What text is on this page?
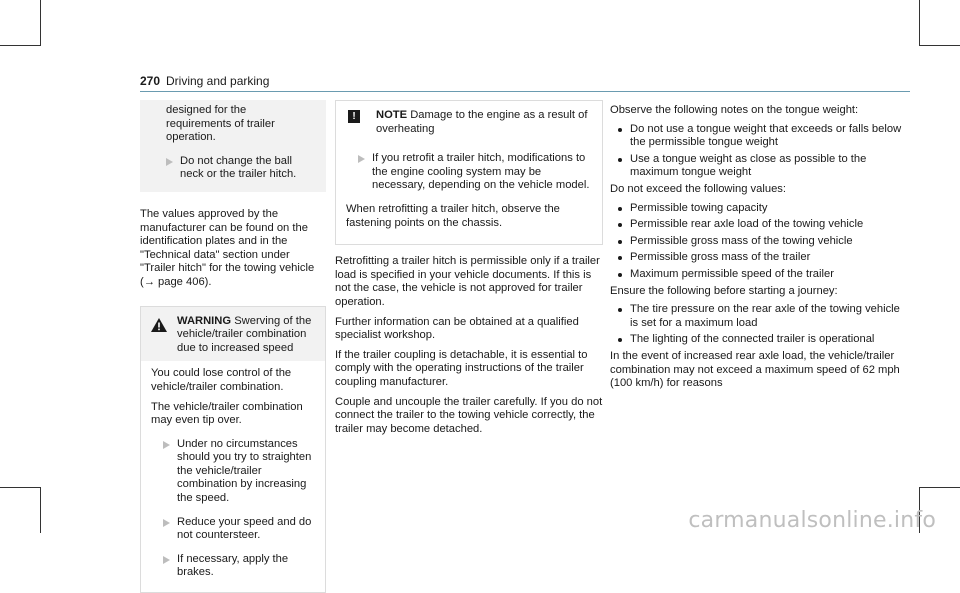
270 Driving and parking
designed for the requirements of trailer
operation.
Do not change the ball neck or the trailer hitch.

The values approved by the manufacturer can be found on the identification plates and in the "Technical data" section under "Trailer hitch" for the towing vehicle (→ page 406).

WARNING Swerving of the vehicle/trailer combination due to increased speed

You could lose control of the vehicle/trailer combination.

The vehicle/trailer combination may even tip over.

Under no circumstances should you try to straighten the vehicle/trailer combination by increasing the speed.
Reduce your speed and do not countersteer.
If necessary, apply the brakes.
!	NOTE Damage to the engine as a result of overheating
If you retrofit a trailer hitch, modifications to the engine cooling system may be necessary, depending on the vehicle model.

When retrofitting a trailer hitch, observe the fastening points on the chassis.

Retrofitting a trailer hitch is permissible only if a trailer load is specified in your vehicle documents. If this is not the case, the vehicle is not approved for trailer operation.

Further information can be obtained at a qualified specialist workshop.

If the trailer coupling is detachable, it is essential to comply with the operating instructions of the trailer coupling manufacturer.

Couple and uncouple the trailer carefully. If you do not connect the trailer to the towing vehicle correctly, the trailer may become detached.

Observe the following notes on the tongue weight:

Do not use a tongue weight that exceeds or falls below the permissible tongue weight
Use a tongue weight as close as possible to the maximum tongue weight

Do not exceed the following values:

Permissible towing capacity
Permissible rear axle load of the towing vehicle
Permissible gross mass of the towing vehicle
Permissible gross mass of the trailer
Maximum permissible speed of the trailer

Ensure the following before starting a journey:

The tire pressure on the rear axle of the towing vehicle is set for a maximum load
The lighting of the connected trailer is operational

In the event of increased rear axle load, the vehicle/trailer combination may not exceed a maximum speed of 62 mph (100 km/h) for reasons

carmanualsonline.info
